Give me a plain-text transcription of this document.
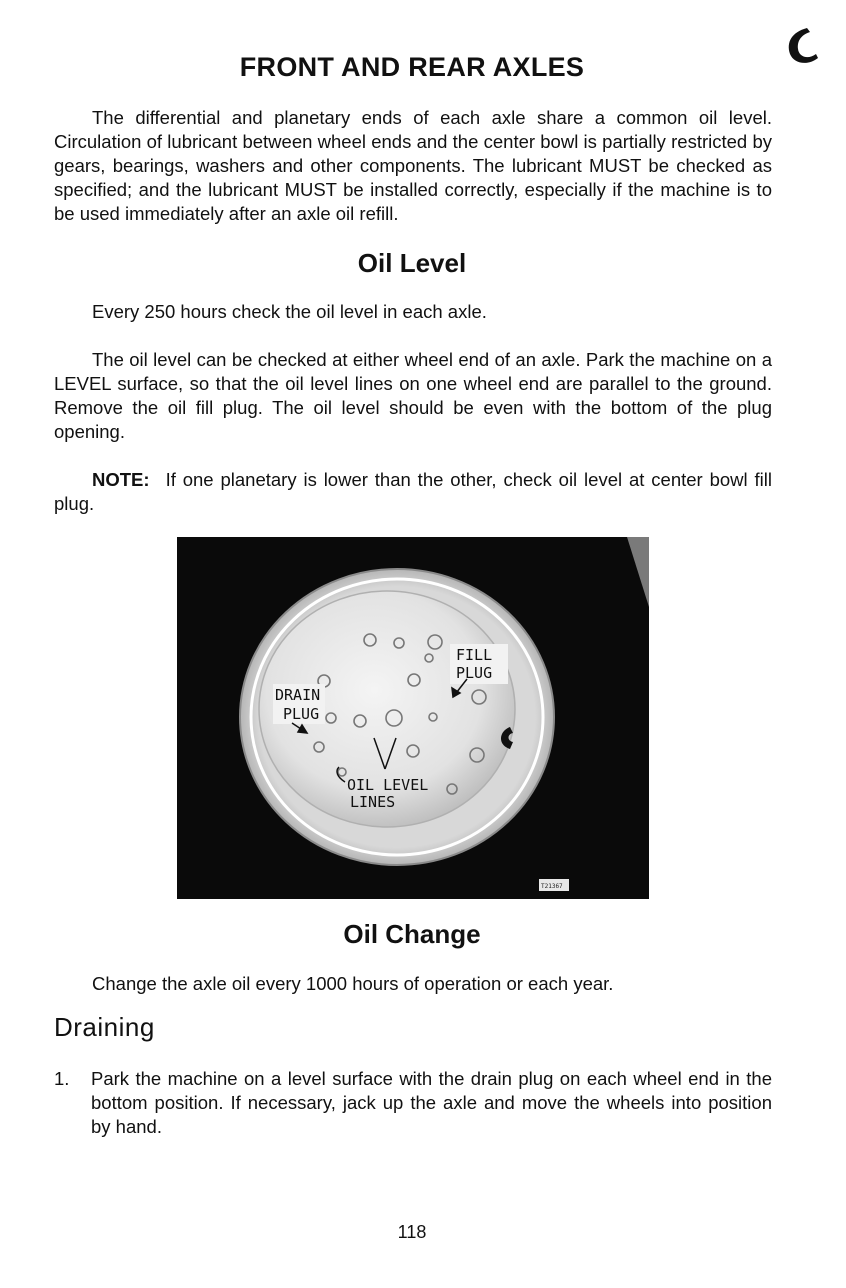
FRONT AND REAR AXLES

The differential and planetary ends of each axle share a common oil level. Circulation of lubricant between wheel ends and the center bowl is partially restricted by gears, bearings, washers and other components. The lubricant MUST be checked as specified; and the lubricant MUST be installed correctly, especially if the machine is to be used immediately after an axle oil refill.

Oil Level

Every 250 hours check the oil level in each axle.

The oil level can be checked at either wheel end of an axle. Park the machine on a LEVEL surface, so that the oil level lines on one wheel end are parallel to the ground. Remove the oil fill plug. The oil level should be even with the bottom of the plug opening.

NOTE: If one planetary is lower than the other, check oil level at center bowl fill plug.

FILL
PLUG
DRAIN
PLUG
OIL LEVEL
LINES
T21367
Oil Change

Change the axle oil every 1000 hours of operation or each year.

Draining
1. Park the machine on a level surface with the drain plug on each wheel end in the bottom position. If necessary, jack up the axle and move the wheels into position by hand.

118
